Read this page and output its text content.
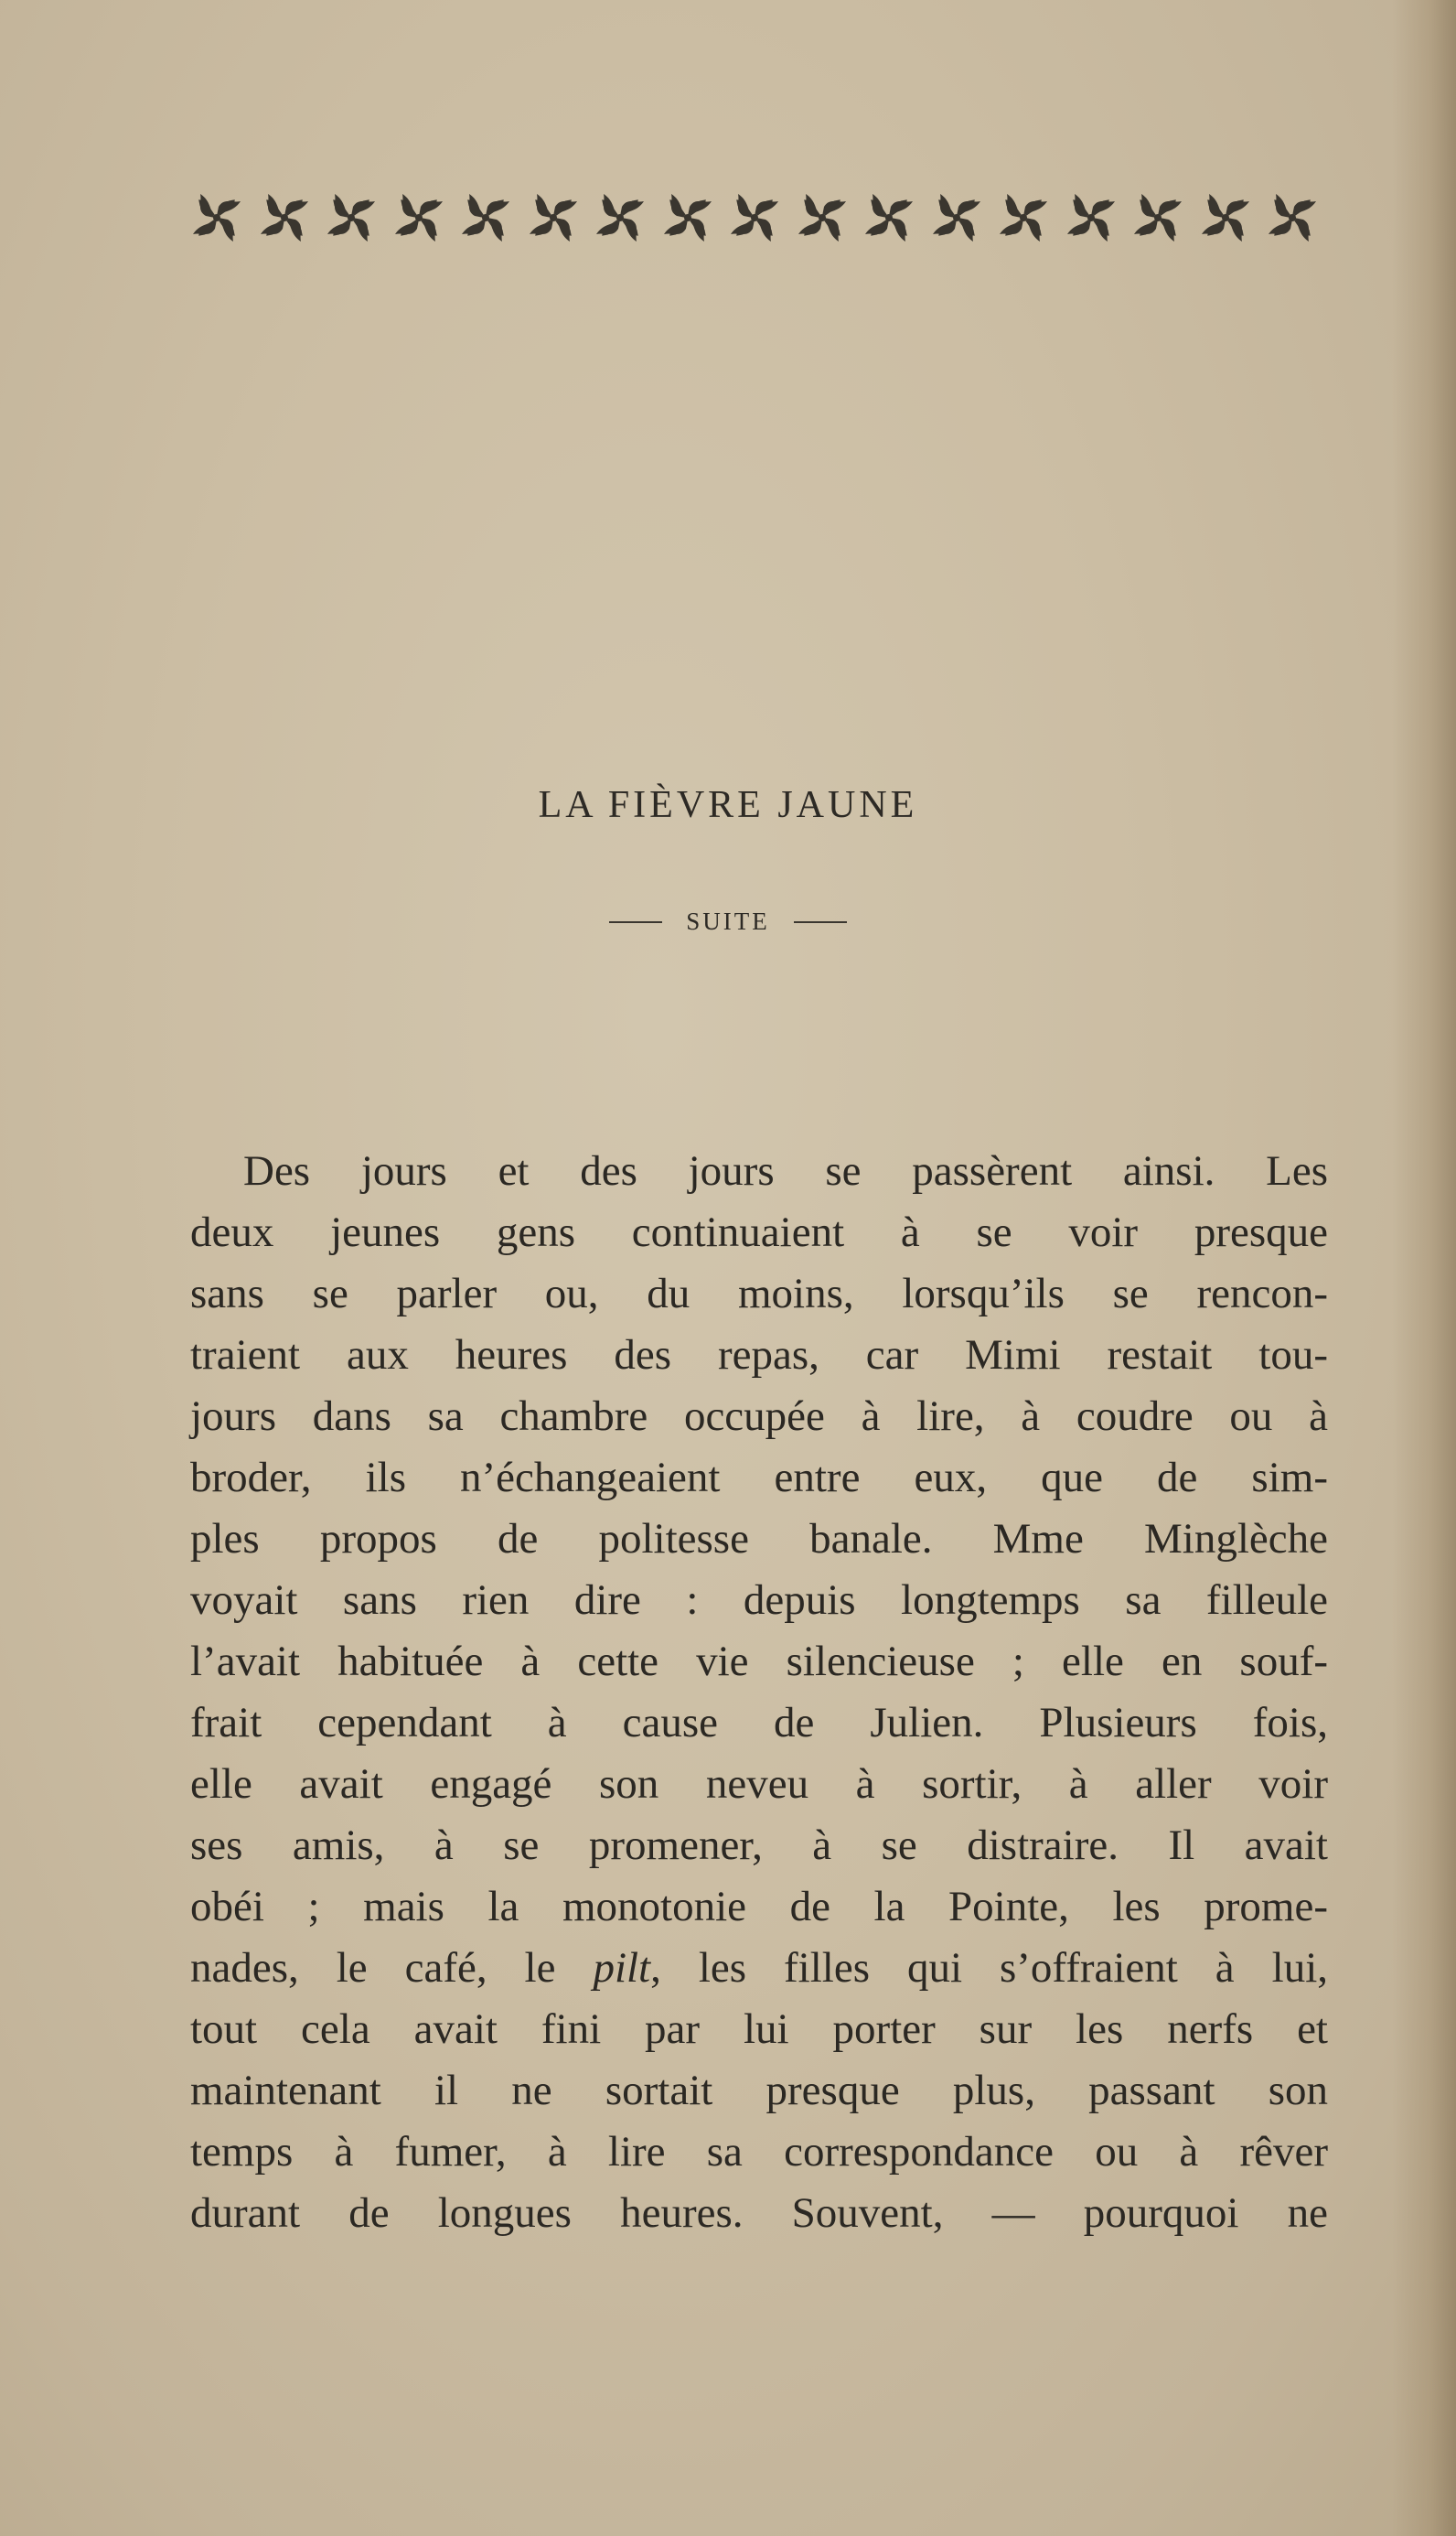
LA FIÈVRE JAUNE
SUITE
Des jours et des jours se passèrent ainsi. Les
deux jeunes gens continuaient à se voir presque
sans se parler ou, du moins, lorsqu’ils se rencon-
traient aux heures des repas, car Mimi restait tou-
jours dans sa chambre occupée à lire, à coudre ou à
broder, ils n’échangeaient entre eux, que de sim-
ples propos de politesse banale. Mme Minglèche
voyait sans rien dire : depuis longtemps sa filleule
l’avait habituée à cette vie silencieuse ; elle en souf-
frait cependant à cause de Julien. Plusieurs fois,
elle avait engagé son neveu à sortir, à aller voir
ses amis, à se promener, à se distraire. Il avait
obéi ; mais la monotonie de la Pointe, les prome-
nades, le café, le pilt, les filles qui s’offraient à lui,
tout cela avait fini par lui porter sur les nerfs et
maintenant il ne sortait presque plus, passant son
temps à fumer, à lire sa correspondance ou à rêver
durant de longues heures. Souvent, — pourquoi ne
